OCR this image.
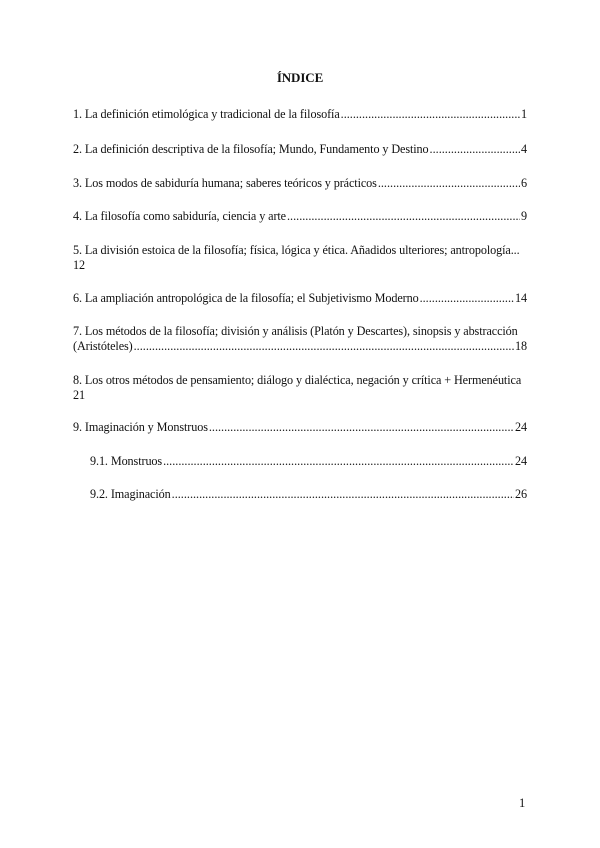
ÍNDICE
1. La definición etimológica y tradicional de la filosofía .....	1
2. La definición descriptiva de la filosofía; Mundo, Fundamento y Destino .....	4
3. Los modos de sabiduría humana; saberes teóricos y prácticos .....	6
4. La filosofía como sabiduría, ciencia y arte .....	9
5. La división estoica de la filosofía; física, lógica y ética. Añadidos ulteriores; antropología...
12
6. La ampliación antropológica de la filosofía; el Subjetivismo Moderno .....	14
7. Los métodos de la filosofía; división y análisis (Platón y Descartes), sinopsis y abstracción
(Aristóteles) .....	18
8. Los otros métodos de pensamiento; diálogo y dialéctica, negación y crítica + Hermenéutica
21
9. Imaginación y Monstruos .....	24
9.1. Monstruos .....	24
9.2. Imaginación .....	26
1
